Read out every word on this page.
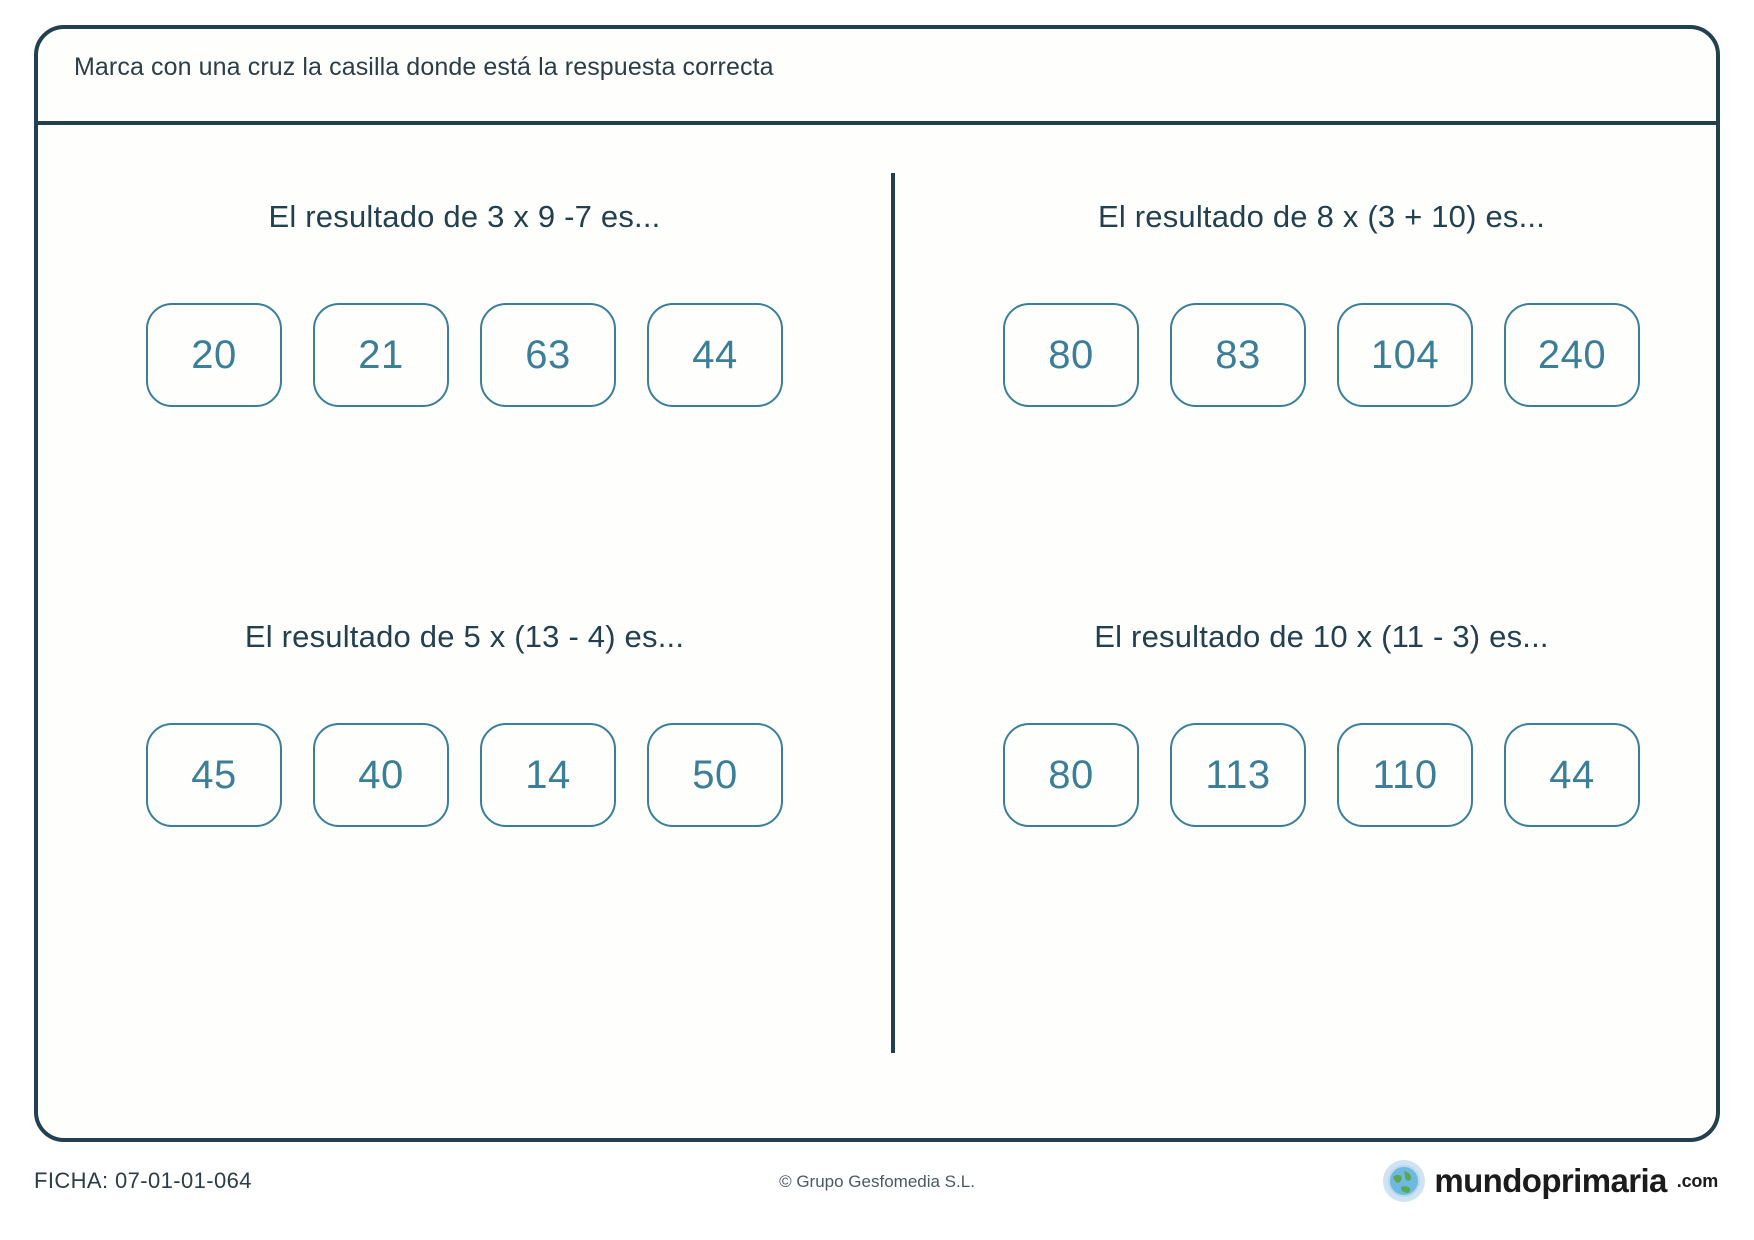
Marca con una cruz la casilla donde está la respuesta correcta
El resultado de 3 x 9 -7 es...
20	21	63	44
El resultado de 8 x (3 + 10) es...
80	83	104 240
El resultado de 5 x (13 - 4) es...
45	40	14	50
El resultado de 10 x (11 - 3) es...
80	113	110	44
FICHA: 07-01-01-064	© Grupo Gesfomedia S.L.	mundoprimaria .com
